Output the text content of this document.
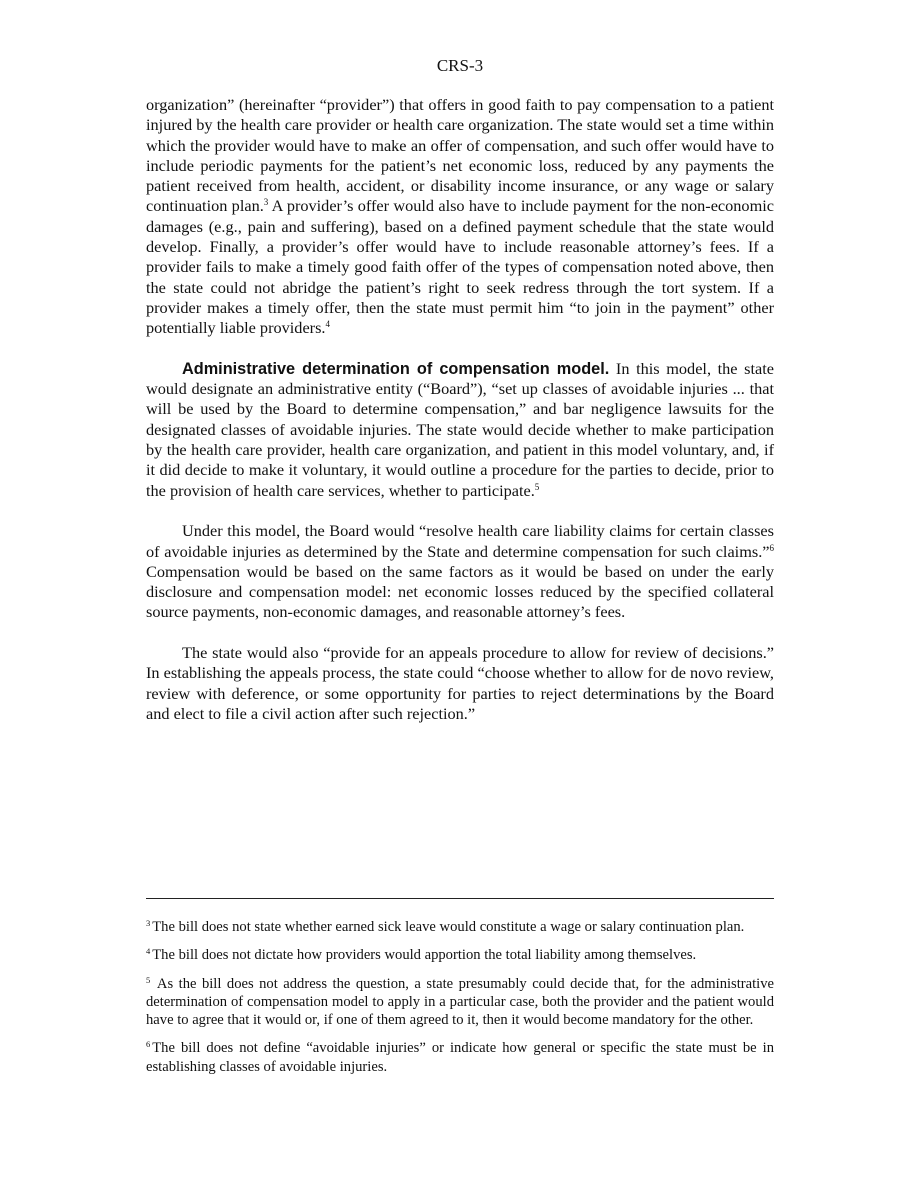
CRS-3

organization” (hereinafter “provider”) that offers in good faith to pay compensation to a patient injured by the health care provider or health care organization. The state would set a time within which the provider would have to make an offer of compensation, and such offer would have to include periodic payments for the patient’s net economic loss, reduced by any payments the patient received from health, accident, or disability income insurance, or any wage or salary continuation plan.$^3$ A provider’s offer would also have to include payment for the non-economic damages (e.g., pain and suffering), based on a defined payment schedule that the state would develop. Finally, a provider’s offer would have to include reasonable attorney’s fees. If a provider fails to make a timely good faith offer of the types of compensation noted above, then the state could not abridge the patient’s right to seek redress through the tort system. If a provider makes a timely offer, then the state must permit him “to join in the payment” other potentially liable providers.$^4$

Administrative determination of compensation model. In this model, the state would designate an administrative entity (“Board”), “set up classes of avoidable injuries ... that will be used by the Board to determine compensation,” and bar negligence lawsuits for the designated classes of avoidable injuries. The state would decide whether to make participation by the health care provider, health care organization, and patient in this model voluntary, and, if it did decide to make it voluntary, it would outline a procedure for the parties to decide, prior to the provision of health care services, whether to participate.$^5$

Under this model, the Board would “resolve health care liability claims for certain classes of avoidable injuries as determined by the State and determine compensation for such claims.”$^6$ Compensation would be based on the same factors as it would be based on under the early disclosure and compensation model: net economic losses reduced by the specified collateral source payments, non-economic damages, and reasonable attorney’s fees.

The state would also “provide for an appeals procedure to allow for review of decisions.” In establishing the appeals process, the state could “choose whether to allow for de novo review, review with deference, or some opportunity for parties to reject determinations by the Board and elect to file a civil action after such rejection.”

$^3$ The bill does not state whether earned sick leave would constitute a wage or salary continuation plan.
$^4$ The bill does not dictate how providers would apportion the total liability among themselves.
$^5$ As the bill does not address the question, a state presumably could decide that, for the administrative determination of compensation model to apply in a particular case, both the provider and the patient would have to agree that it would or, if one of them agreed to it, then it would become mandatory for the other.
$^6$ The bill does not define “avoidable injuries” or indicate how general or specific the state must be in establishing classes of avoidable injuries.
